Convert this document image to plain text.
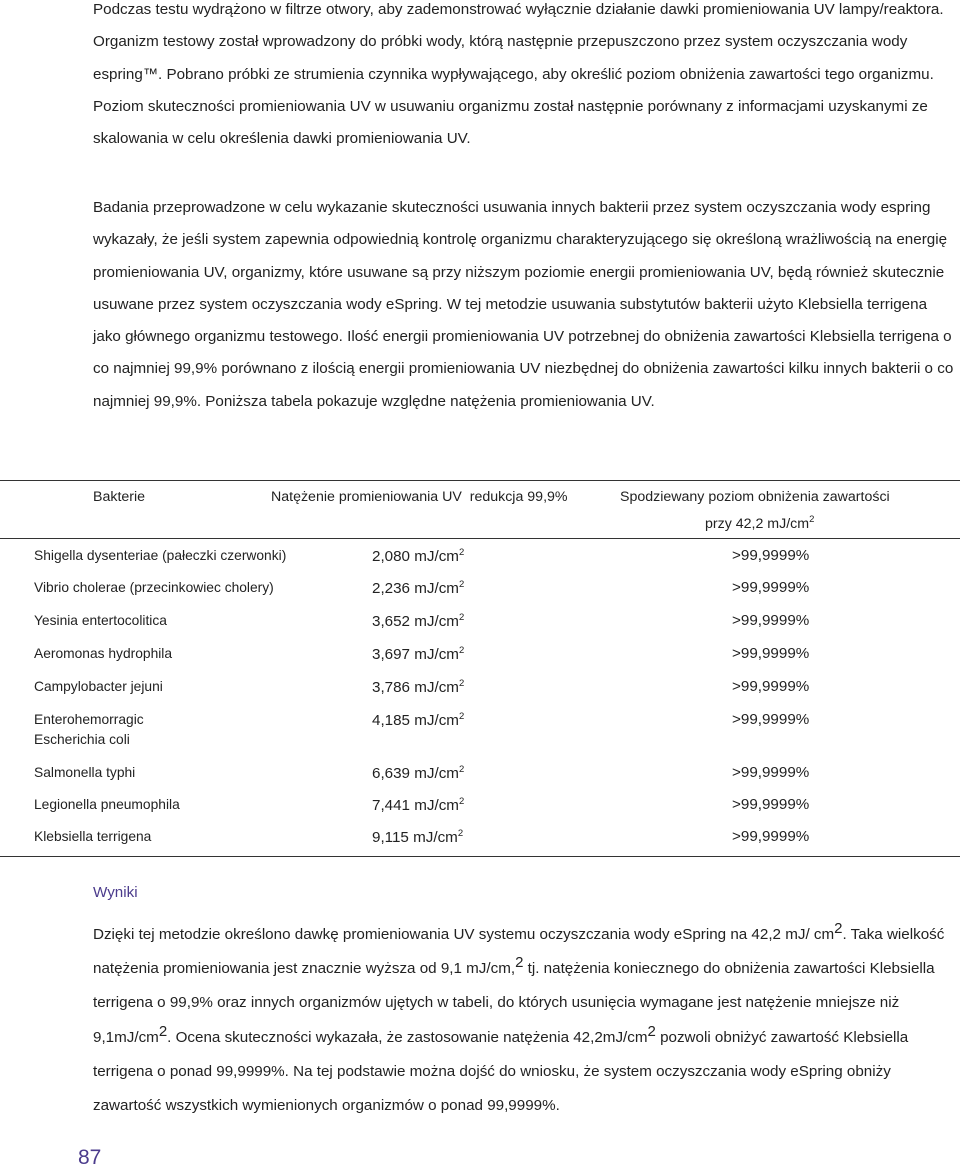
Podczas testu wydrążono w filtrze otwory, aby zademonstrować wyłącznie działanie dawki promieniowania UV lampy/reaktora. Organizm testowy został wprowadzony do próbki wody, którą następnie przepuszczono przez system oczyszczania wody espring™. Pobrano próbki ze strumienia czynnika wypływającego, aby określić poziom obniżenia zawartości tego organizmu. Poziom skuteczności promieniowania UV w usuwaniu organizmu został następnie porównany z informacjami uzyskanymi ze skalowania w celu określenia dawki promieniowania UV.
Badania przeprowadzone w celu wykazanie skuteczności usuwania innych bakterii przez system oczyszczania wody espring wykazały, że jeśli system zapewnia odpowiednią kontrolę organizmu charakteryzującego się określoną wrażliwością na energię promieniowania UV, organizmy, które usuwane są przy niższym poziomie energii promieniowania UV, będą również skutecznie usuwane przez system oczyszczania wody eSpring. W tej metodzie usuwania substytutów bakterii użyto Klebsiella terrigena jako głównego organizmu testowego. Ilość energii promieniowania UV potrzebnej do obniżenia zawartości Klebsiella terrigena o co najmniej 99,9% porównano z ilością energii promieniowania UV niezbędnej do obniżenia zawartości kilku innych bakterii o co najmniej 99,9%. Poniższa tabela pokazuje względne natężenia promieniowania UV.
Bakterie	Natężenie promieniowania UV  redukcja 99,9%	Spodziewany poziom obniżenia zawartości
przy 42,2 $mJ/cm^2$
Shigella dysenteriae (pałeczki czerwonki)	2,080 $mJ/cm^2$	>99,9999%
Vibrio cholerae (przecinkowiec cholery)	2,236 $mJ/cm^2$	>99,9999%
Yesinia entertocolitica	3,652 $mJ/cm^2$	>99,9999%
Aeromonas hydrophila	3,697 $mJ/cm^2$	>99,9999%
Campylobacter jejuni	3,786 $mJ/cm^2$	>99,9999%
Enterohemorragic
Escherichia coli
4,185 $mJ/cm^2$	>99,9999%
Salmonella typhi	6,639 $mJ/cm^2$	>99,9999%
Legionella pneumophila	7,441 $mJ/cm^2$	>99,9999%
Klebsiella terrigena	9,115 $mJ/cm^2$	>99,9999%
Wyniki
Dzięki tej metodzie określono dawkę promieniowania UV systemu oczyszczania wody eSpring na 42,2 mJ/ $cm^2$. Taka wielkość natężenia promieniowania jest znacznie wyższa od 9,1 mJ/cm,$^2$ tj. natężenia koniecznego do obniżenia zawartości Klebsiella terrigena o 99,9% oraz innych organizmów ujętych w tabeli, do których usunięcia wymagane jest natężenie mniejsze niż $9,1mJ/cm^2$. Ocena skuteczności wykazała, że zastosowanie natężenia $42,2mJ/cm^2$ pozwoli obniżyć zawartość Klebsiella terrigena o ponad 99,9999%. Na tej podstawie można dojść do wniosku, że system oczyszczania wody eSpring obniży zawartość wszystkich wymienionych organizmów o ponad 99,9999%.
87
